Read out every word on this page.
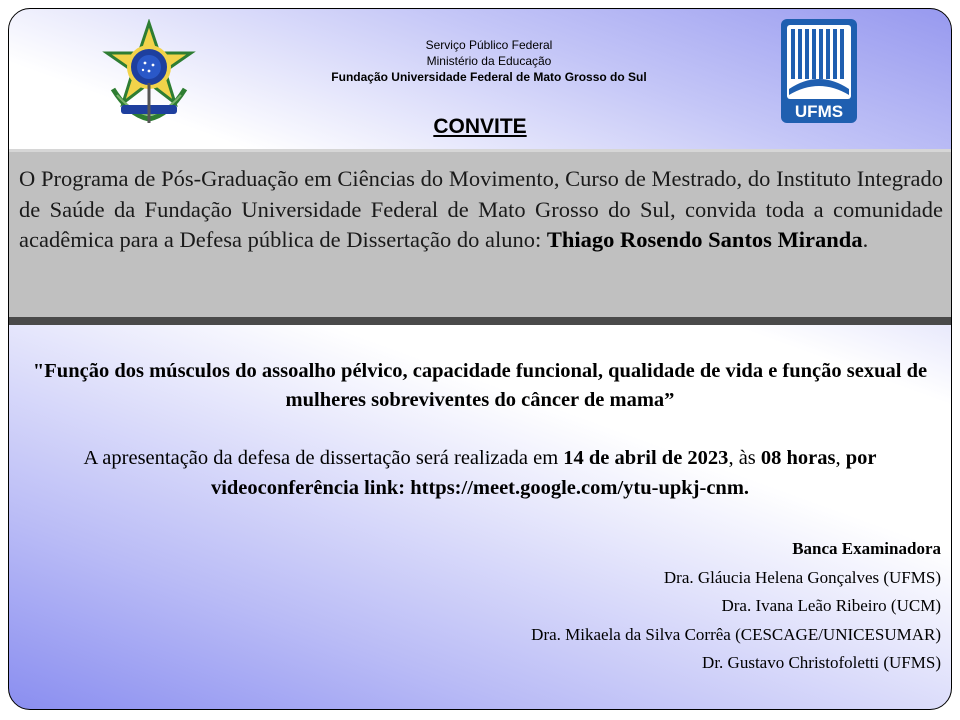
Serviço Público Federal
Ministério da Educação
Fundação Universidade Federal de Mato Grosso do Sul
UFMS
CONVITE
O Programa de Pós-Graduação em Ciências do Movimento, Curso de Mestrado, do Instituto Integrado de Saúde da Fundação Universidade Federal de Mato Grosso do Sul, convida toda a comunidade acadêmica para a Defesa pública de Dissertação do aluno: Thiago Rosendo Santos Miranda.
"Função dos músculos do assoalho pélvico, capacidade funcional, qualidade de vida e função sexual de mulheres sobreviventes do câncer de mama”
A apresentação da defesa de dissertação será realizada em 14 de abril de 2023, às 08 horas, por videoconferência link: https://meet.google.com/ytu-upkj-cnm.
Banca Examinadora
Dra. Gláucia Helena Gonçalves (UFMS)
Dra. Ivana Leão Ribeiro (UCM)
Dra. Mikaela da Silva Corrêa (CESCAGE/UNICESUMAR)
Dr. Gustavo Christofoletti (UFMS)
